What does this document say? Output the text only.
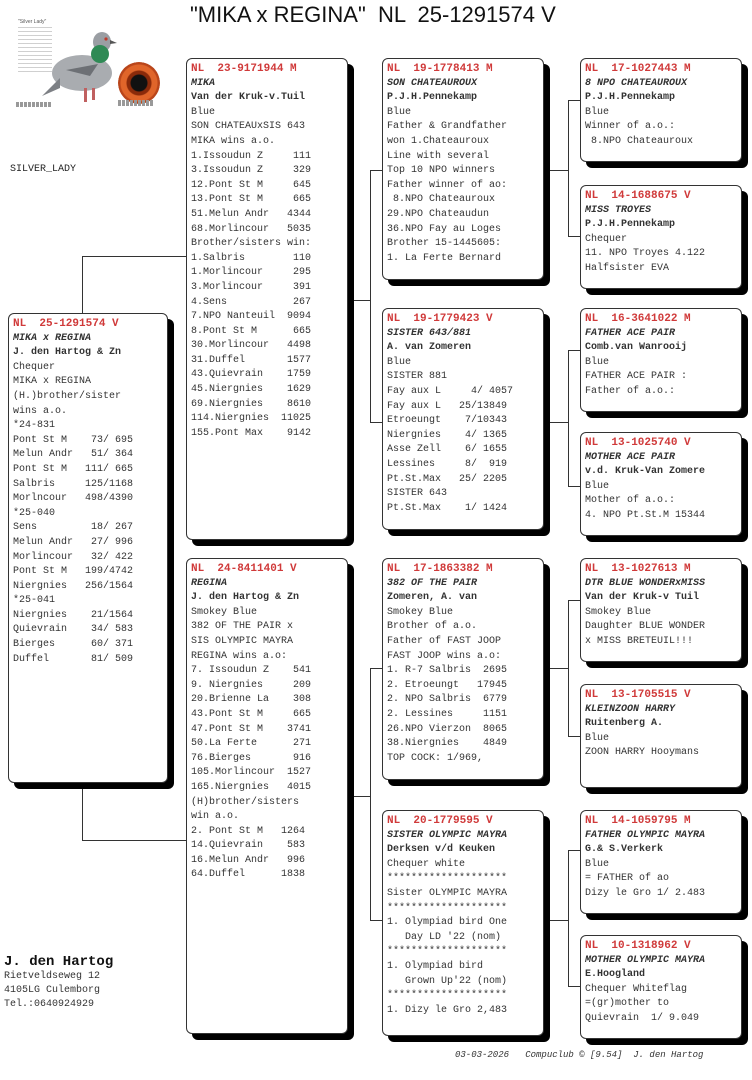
"MIKA x REGINA"  NL  25-1291574 V
"Silver Lady"
SILVER_LADY
NL  25-1291574 V
MIKA x REGINA
J. den Hartog & Zn
Chequer
MIKA x REGINA
(H.)brother/sister
wins a.o.
*24-831
Pont St M    73/ 695
Melun Andr   51/ 364
Pont St M   111/ 665
Salbris     125/1168
Morlncour   498/4390
*25-040
Sens         18/ 267
Melun Andr   27/ 996
Morlincour   32/ 422
Pont St M   199/4742
Niergnies   256/1564
*25-041
Niergnies    21/1564
Quievrain    34/ 583
Bierges      60/ 371
Duffel       81/ 509
NL  23-9171944 M
MIKA
Van der Kruk-v.Tuil
Blue
SON CHATEAUxSIS 643
MIKA wins a.o.
1.Issoudun Z     111
3.Issoudun Z     329
12.Pont St M     645
13.Pont St M     665
51.Melun Andr   4344
68.Morlincour   5035
Brother/sisters win:
1.Salbris        110
1.Morlincour     295
3.Morlincour     391
4.Sens           267
7.NPO Nanteuil  9094
8.Pont St M      665
30.Morlincour   4498
31.Duffel       1577
43.Quievrain    1759
45.Niergnies    1629
69.Niergnies    8610
114.Niergnies  11025
155.Pont Max    9142
NL  24-8411401 V
REGINA
J. den Hartog & Zn
Smokey Blue
382 OF THE PAIR x
SIS OLYMPIC MAYRA
REGINA wins a.o:
7. Issoudun Z    541
9. Niergnies     209
20.Brienne La    308
43.Pont St M     665
47.Pont St M    3741
50.La Ferte      271
76.Bierges       916
105.Morlincour  1527
165.Niergnies   4015
(H)brother/sisters
win a.o.
2. Pont St M   1264
14.Quievrain    583
16.Melun Andr   996
64.Duffel      1838
NL  19-1778413 M
SON CHATEAUROUX
P.J.H.Pennekamp
Blue
Father & Grandfather
won 1.Chateauroux
Line with several
Top 10 NPO winners
Father winner of ao:
8.NPO Chateauroux
29.NPO Chateaudun
36.NPO Fay au Loges
Brother 15-1445605:
1. La Ferte Bernard
NL  19-1779423 V
SISTER 643/881
A. van Zomeren
Blue
SISTER 881
Fay aux L     4/ 4057
Fay aux L   25/13849
Etroeungt    7/10343
Niergnies    4/ 1365
Asse Zell    6/ 1655
Lessines     8/  919
Pt.St.Max   25/ 2205
SISTER 643
Pt.St.Max    1/ 1424
NL  17-1863382 M
382 OF THE PAIR
Zomeren, A. van
Smokey Blue
Brother of a.o.
Father of FAST JOOP
FAST JOOP wins a.o:
1. R-7 Salbris  2695
2. Etroeungt   17945
2. NPO Salbris  6779
2. Lessines     1151
26.NPO Vierzon  8065
38.Niergnies    4849
TOP COCK: 1/969,
NL  20-1779595 V
SISTER OLYMPIC MAYRA
Derksen v/d Keuken
Chequer white
********************
Sister OLYMPIC MAYRA
********************
1. Olympiad bird One
Day LD '22 (nom)
********************
1. Olympiad bird
Grown Up'22 (nom)
********************
1. Dizy le Gro 2,483
NL  17-1027443 M
8 NPO CHATEAUROUX
P.J.H.Pennekamp
Blue
Winner of a.o.:
8.NPO Chateauroux
NL  14-1688675 V
MISS TROYES
P.J.H.Pennekamp
Chequer
11. NPO Troyes 4.122
Halfsister EVA
NL  16-3641022 M
FATHER ACE PAIR
Comb.van Wanrooij
Blue
FATHER ACE PAIR :
Father of a.o.:
NL  13-1025740 V
MOTHER ACE PAIR
v.d. Kruk-Van Zomere
Blue
Mother of a.o.:
4. NPO Pt.St.M 15344
NL  13-1027613 M
DTR BLUE WONDERxMISS
Van der Kruk-v Tuil
Smokey Blue
Daughter BLUE WONDER
x MISS BRETEUIL!!!
NL  13-1705515 V
KLEINZOON HARRY
Ruitenberg A.
Blue
ZOON HARRY Hooymans
NL  14-1059795 M
FATHER OLYMPIC MAYRA
G.& S.Verkerk
Blue
= FATHER of ao
Dizy le Gro 1/ 2.483
NL  10-1318962 V
MOTHER OLYMPIC MAYRA
E.Hoogland
Chequer Whiteflag
=(gr)mother to
Quievrain  1/ 9.049
J. den Hartog
Rietveldseweg 12
4105LG Culemborg
Tel.:0640924929
03-03-2026   Compuclub © [9.54]  J. den Hartog
